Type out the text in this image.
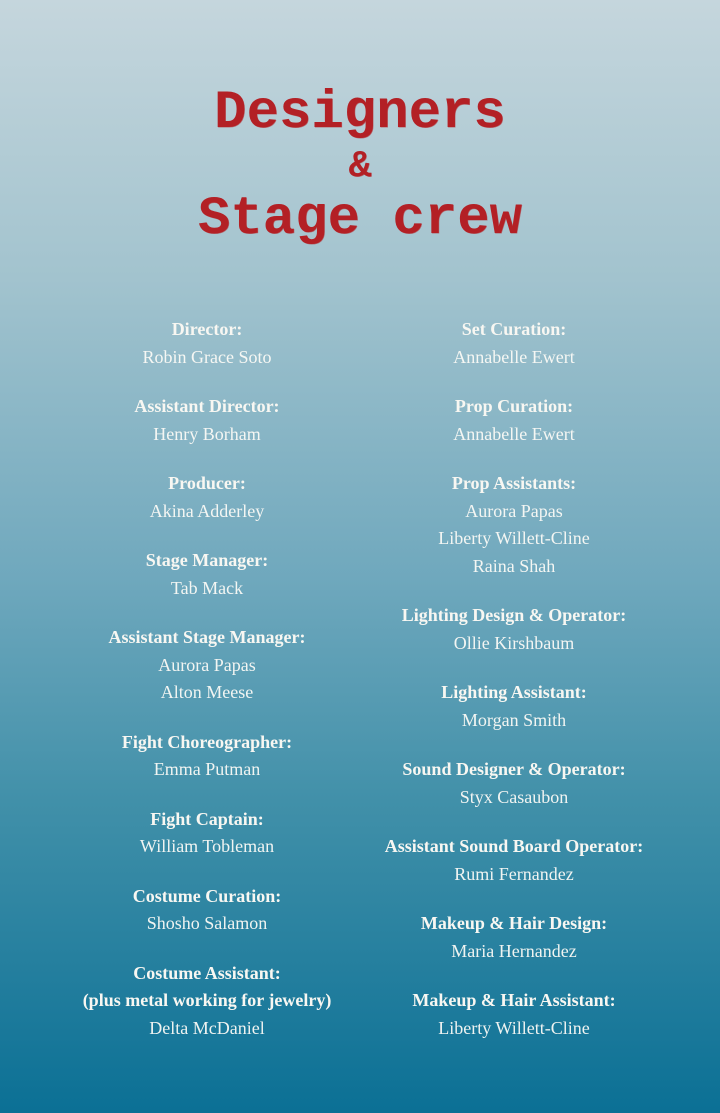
Designers
&
Stage crew
Director:
Robin Grace Soto
Assistant Director:
Henry Borham
Producer:
Akina Adderley
Stage Manager:
Tab Mack
Assistant Stage Manager:
Aurora Papas
Alton Meese
Fight Choreographer:
Emma Putman
Fight Captain:
William Tobleman
Costume Curation:
Shosho Salamon
Costume Assistant:
(plus metal working for jewelry)
Delta McDaniel
Set Curation:
Annabelle Ewert
Prop Curation:
Annabelle Ewert
Prop Assistants:
Aurora Papas
Liberty Willett-Cline
Raina Shah
Lighting Design & Operator:
Ollie Kirshbaum
Lighting Assistant:
Morgan Smith
Sound Designer & Operator:
Styx Casaubon
Assistant Sound Board Operator:
Rumi Fernandez
Makeup & Hair Design:
Maria Hernandez
Makeup & Hair Assistant:
Liberty Willett-Cline
